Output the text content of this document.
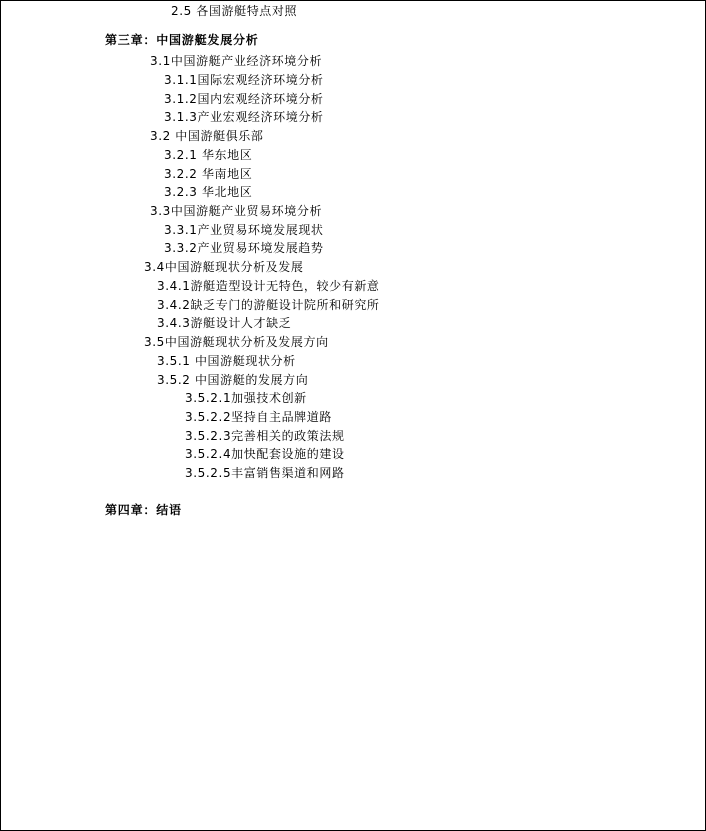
2.5 各国游艇特点对照
第三章：中国游艇发展分析
3.1中国游艇产业经济环境分析
3.1.1国际宏观经济环境分析
3.1.2国内宏观经济环境分析
3.1.3产业宏观经济环境分析
3.2 中国游艇俱乐部
3.2.1 华东地区
3.2.2 华南地区
3.2.3 华北地区
3.3中国游艇产业贸易环境分析
3.3.1产业贸易环境发展现状
3.3.2产业贸易环境发展趋势
3.4中国游艇现状分析及发展
3.4.1游艇造型设计无特色，较少有新意
3.4.2缺乏专门的游艇设计院所和研究所
3.4.3游艇设计人才缺乏
3.5中国游艇现状分析及发展方向
3.5.1 中国游艇现状分析
3.5.2 中国游艇的发展方向
3.5.2.1加强技术创新
3.5.2.2坚持自主品牌道路
3.5.2.3完善相关的政策法规
3.5.2.4加快配套设施的建设
3.5.2.5丰富销售渠道和网路
第四章：结语
